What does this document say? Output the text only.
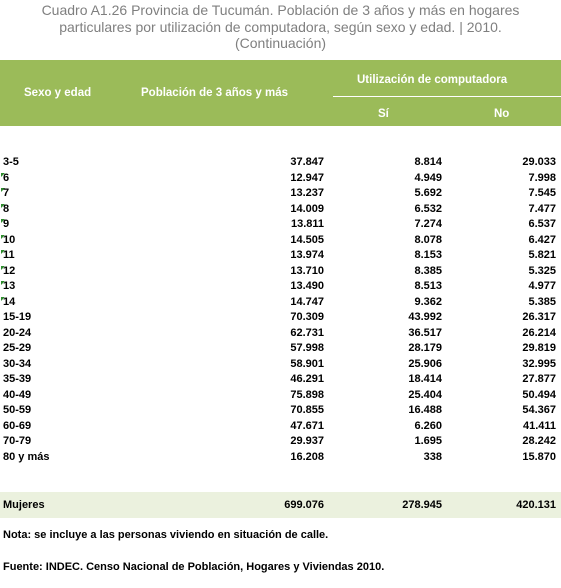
Cuadro A1.26 Provincia de Tucumán. Población de 3 años y más en hogares
particulares por utilización de computadora, según sexo y edad. | 2010.
(Continuación)
Sexo y edad	Población de 3 años y más
Utilización de computadora
Sí	No
3-5	37.847	8.814	29.033
6	12.947	4.949	7.998
7	13.237	5.692	7.545
8	14.009	6.532	7.477
9	13.811	7.274	6.537
10	14.505	8.078	6.427
11	13.974	8.153	5.821
12	13.710	8.385	5.325
13	13.490	8.513	4.977
14	14.747	9.362	5.385
15-19	70.309	43.992	26.317
20-24	62.731	36.517	26.214
25-29	57.998	28.179	29.819
30-34	58.901	25.906	32.995
35-39	46.291	18.414	27.877
40-49	75.898	25.404	50.494
50-59	70.855	16.488	54.367
60-69	47.671	6.260	41.411
70-79	29.937	1.695	28.242
80 y más	16.208	338	15.870
Mujeres	699.076	278.945	420.131
Nota: se incluye a las personas viviendo en situación de calle.
Fuente: INDEC. Censo Nacional de Población, Hogares y Viviendas 2010.
